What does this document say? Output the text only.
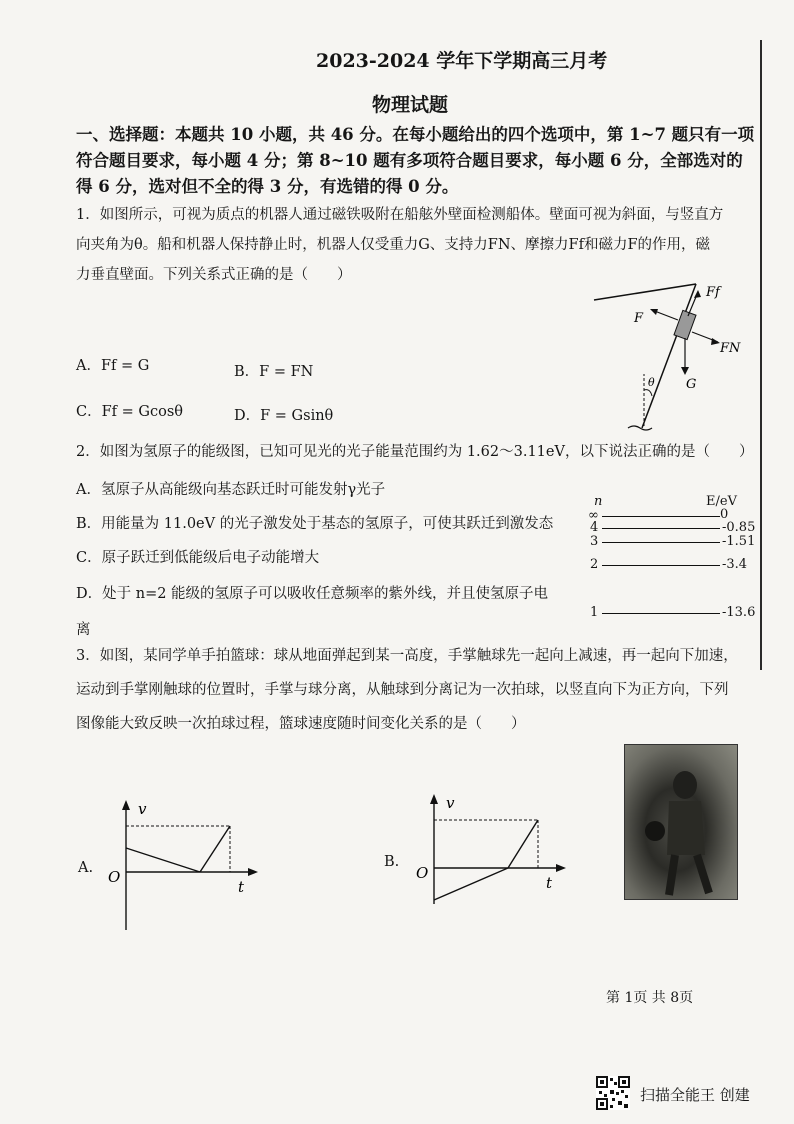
2023-2024 学年下学期高三月考
物理试题
一、选择题：本题共 10 小题，共 46 分。在每小题给出的四个选项中，第 1~7 题只有一项
符合题目要求，每小题 4 分；第 8~10 题有多项符合题目要求，每小题 6 分，全部选对的
得 6 分，选对但不全的得 3 分，有选错的得 0 分。
1．如图所示，可视为质点的机器人通过磁铁吸附在船舷外壁面检测船体。壁面可视为斜面，与竖直方
向夹角为θ。船和机器人保持静止时，机器人仅受重力G、支持力FN、摩擦力Ff和磁力F的作用，磁
力垂直壁面。下列关系式正确的是（　　）
A．Ff = G	B．F = FN
C．Ff = Gcosθ	D．F = Gsinθ
Ff
F
FN
G
θ
2．如图为氢原子的能级图，已知可见光的光子能量范围约为 1.62～3.11eV，以下说法正确的是（　　）
A．氢原子从高能级向基态跃迁时可能发射γ光子
B．用能量为 11.0eV 的光子激发处于基态的氢原子，可使其跃迁到激发态
C．原子跃迁到低能级后电子动能增大
D．处于 n=2 能级的氢原子可以吸收任意频率的紫外线，并且使氢原子电
离
n	E/eV
∞	0
4	-0.85
3	-1.51
2	-3.4
1	-13.6
3．如图，某同学单手拍篮球：球从地面弹起到某一高度，手掌触球先一起向上减速，再一起向下加速，
运动到手掌刚触球的位置时，手掌与球分离，从触球到分离记为一次拍球，以竖直向下为正方向，下列
图像能大致反映一次拍球过程，篮球速度随时间变化关系的是（　　）
A.
v
O
t
B.
v
O
t
第 1页 共 8页
扫描全能王 创建
